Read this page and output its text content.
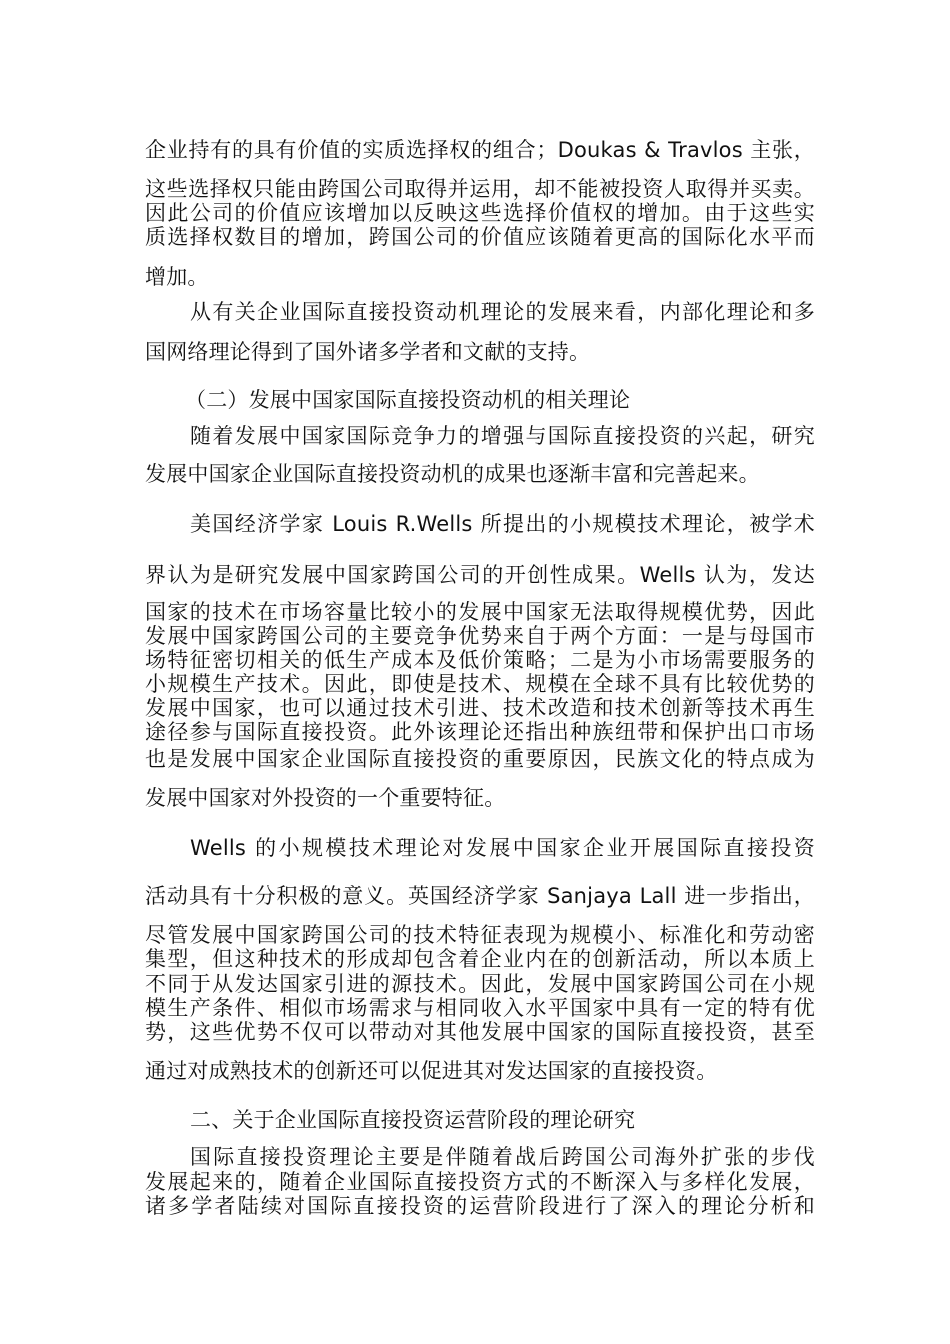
企业持有的具有价值的实质选择权的组合；Doukas & Travlos 主张，
这些选择权只能由跨国公司取得并运用，却不能被投资人取得并买卖。
因此公司的价值应该增加以反映这些选择价值权的增加。由于这些实
质选择权数目的增加，跨国公司的价值应该随着更高的国际化水平而
增加。
从有关企业国际直接投资动机理论的发展来看，内部化理论和多
国网络理论得到了国外诸多学者和文献的支持。
（二）发展中国家国际直接投资动机的相关理论
随着发展中国家国际竞争力的增强与国际直接投资的兴起，研究
发展中国家企业国际直接投资动机的成果也逐渐丰富和完善起来。
美国经济学家 Louis R.Wells 所提出的小规模技术理论，被学术
界认为是研究发展中国家跨国公司的开创性成果。Wells 认为，发达
国家的技术在市场容量比较小的发展中国家无法取得规模优势，因此
发展中国家跨国公司的主要竞争优势来自于两个方面：一是与母国市
场特征密切相关的低生产成本及低价策略；二是为小市场需要服务的
小规模生产技术。因此，即使是技术、规模在全球不具有比较优势的
发展中国家，也可以通过技术引进、技术改造和技术创新等技术再生
途径参与国际直接投资。此外该理论还指出种族纽带和保护出口市场
也是发展中国家企业国际直接投资的重要原因，民族文化的特点成为
发展中国家对外投资的一个重要特征。
Wells 的小规模技术理论对发展中国家企业开展国际直接投资
活动具有十分积极的意义。英国经济学家 Sanjaya Lall 进一步指出，
尽管发展中国家跨国公司的技术特征表现为规模小、标准化和劳动密
集型，但这种技术的形成却包含着企业内在的创新活动，所以本质上
不同于从发达国家引进的源技术。因此，发展中国家跨国公司在小规
模生产条件、相似市场需求与相同收入水平国家中具有一定的特有优
势，这些优势不仅可以带动对其他发展中国家的国际直接投资，甚至
通过对成熟技术的创新还可以促进其对发达国家的直接投资。
二、关于企业国际直接投资运营阶段的理论研究
国际直接投资理论主要是伴随着战后跨国公司海外扩张的步伐
发展起来的，随着企业国际直接投资方式的不断深入与多样化发展，
诸多学者陆续对国际直接投资的运营阶段进行了深入的理论分析和
